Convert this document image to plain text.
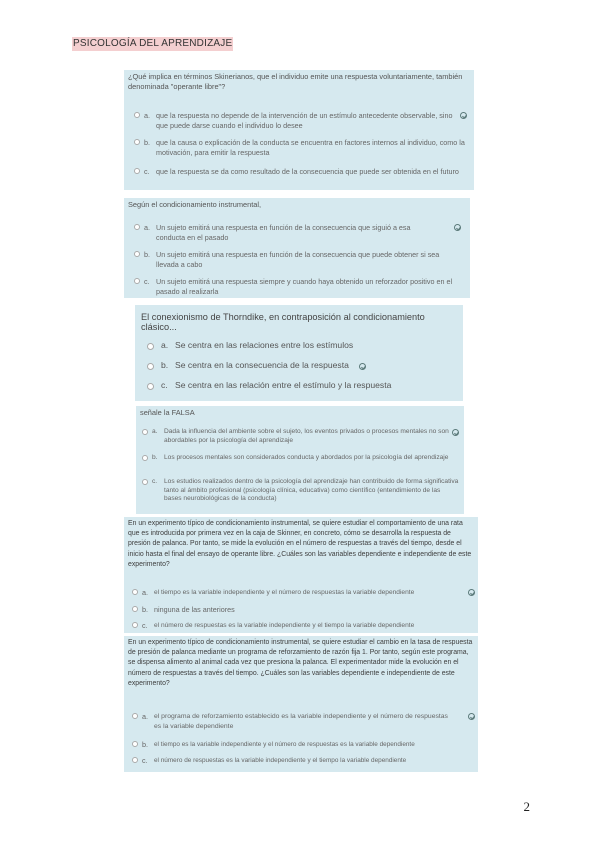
PSICOLOGÍA DEL APRENDIZAJE
¿Qué implica en términos Skinerianos, que el individuo emite una respuesta voluntariamente, también denominada "operante libre"?
a. que la respuesta no depende de la intervención de un estímulo antecedente observable, sino que puede darse cuando el individuo lo desee
b. que la causa o explicación de la conducta se encuentra en factores internos al individuo, como la motivación, para emitir la respuesta
c. que la respuesta se da como resultado de la consecuencia que puede ser obtenida en el futuro
Según el condicionamiento instrumental,
a. Un sujeto emitirá una respuesta en función de la consecuencia que siguió a esa conducta en el pasado
b. Un sujeto emitirá una respuesta en función de la consecuencia que puede obtener si sea llevada a cabo
c. Un sujeto emitirá una respuesta siempre y cuando haya obtenido un reforzador positivo en el pasado al realizarla
El conexionismo de Thorndike, en contraposición al condicionamiento clásico...
a. Se centra en las relaciones entre los estímulos
b. Se centra en la consecuencia de la respuesta
c. Se centra en las relación entre el estímulo y la respuesta
señale la FALSA
a. Dada la influencia del ambiente sobre el sujeto, los eventos privados o procesos mentales no son abordables por la psicología del aprendizaje
b. Los procesos mentales son considerados conducta y abordados por la psicología del aprendizaje
c. Los estudios realizados dentro de la psicología del aprendizaje han contribuido de forma significativa tanto al ámbito profesional (psicología clínica, educativa) como científico (entendimiento de las bases neurobiológicas de la conducta)
En un experimento típico de condicionamiento instrumental, se quiere estudiar el comportamiento de una rata que es introducida por primera vez en la caja de Skinner, en concreto, cómo se desarrolla la respuesta de presión de palanca. Por tanto, se mide la evolución en el número de respuestas a través del tiempo, desde el inicio hasta el final del ensayo de operante libre. ¿Cuáles son las variables dependiente e independiente de este experimento?
a. el tiempo es la variable independiente y el número de respuestas la variable dependiente
b. ninguna de las anteriores
c. el número de respuestas es la variable independiente y el tiempo la variable dependiente
En un experimento típico de condicionamiento instrumental, se quiere estudiar el cambio en la tasa de respuesta de presión de palanca mediante un programa de reforzamiento de razón fija 1. Por tanto, según este programa, se dispensa alimento al animal cada vez que presiona la palanca. El experimentador mide la evolución en el número de respuestas a través del tiempo. ¿Cuáles son las variables dependiente e independiente de este experimento?
a. el programa de reforzamiento establecido es la variable independiente y el número de respuestas es la variable dependiente
b. el tiempo es la variable independiente y el número de respuestas es la variable dependiente
c. el número de respuestas es la variable independiente y el tiempo la variable dependiente
2
